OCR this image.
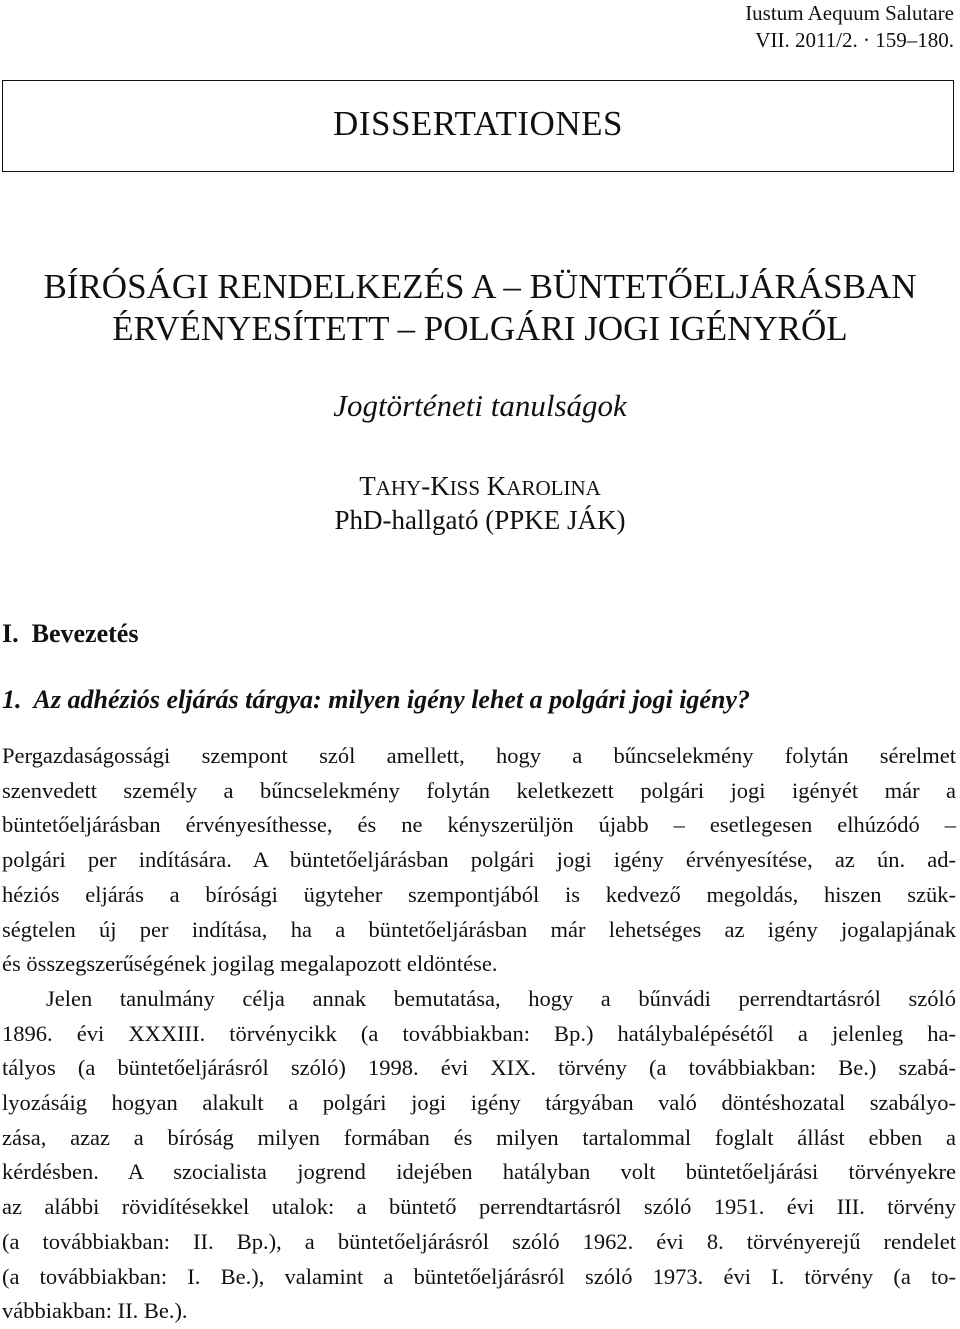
Iustum Aequum Salutare
VII. 2011/2. · 159–180.
DISSERTATIONES
BÍRÓSÁGI RENDELKEZÉS A – BÜNTETŐELJÁRÁSBAN
ÉRVÉNYESÍTETT – POLGÁRI JOGI IGÉNYRŐL
Jogtörténeti tanulságok
TAHY-KISS KAROLINA
PhD-hallgató (PPKE JÁK)
I.  Bevezetés
1.  Az adhéziós eljárás tárgya: milyen igény lehet a polgári jogi igény?
Pergazdaságossági szempont szól amellett, hogy a bűncselekmény folytán sérelmet
szenvedett személy a bűncselekmény folytán keletkezett polgári jogi igényét már a
büntetőeljárásban érvényesíthesse, és ne kényszerüljön újabb – esetlegesen elhúzódó –
polgári per indítására. A büntetőeljárásban polgári jogi igény érvényesítése, az ún. ad-
héziós eljárás a bírósági ügyteher szempontjából is kedvező megoldás, hiszen szük-
ségtelen új per indítása, ha a büntetőeljárásban már lehetséges az igény jogalapjának
és összegszerűségének jogilag megalapozott eldöntése.
Jelen tanulmány célja annak bemutatása, hogy a bűnvádi perrendtartásról szóló
1896. évi XXXIII. törvénycikk (a továbbiakban: Bp.) hatálybalépésétől a jelenleg ha-
tályos (a büntetőeljárásról szóló) 1998. évi XIX. törvény (a továbbiakban: Be.) szabá-
lyozásáig hogyan alakult a polgári jogi igény tárgyában való döntéshozatal szabályo-
zása, azaz a bíróság milyen formában és milyen tartalommal foglalt állást ebben a
kérdésben. A szocialista jogrend idejében hatályban volt büntetőeljárási törvényekre
az alábbi rövidítésekkel utalok: a büntető perrendtartásról szóló 1951. évi III. törvény
(a továbbiakban: II. Bp.), a büntetőeljárásról szóló 1962. évi 8. törvényerejű rendelet
(a továbbiakban: I. Be.), valamint a büntetőeljárásról szóló 1973. évi I. törvény (a to-
vábbiakban: II. Be.).
